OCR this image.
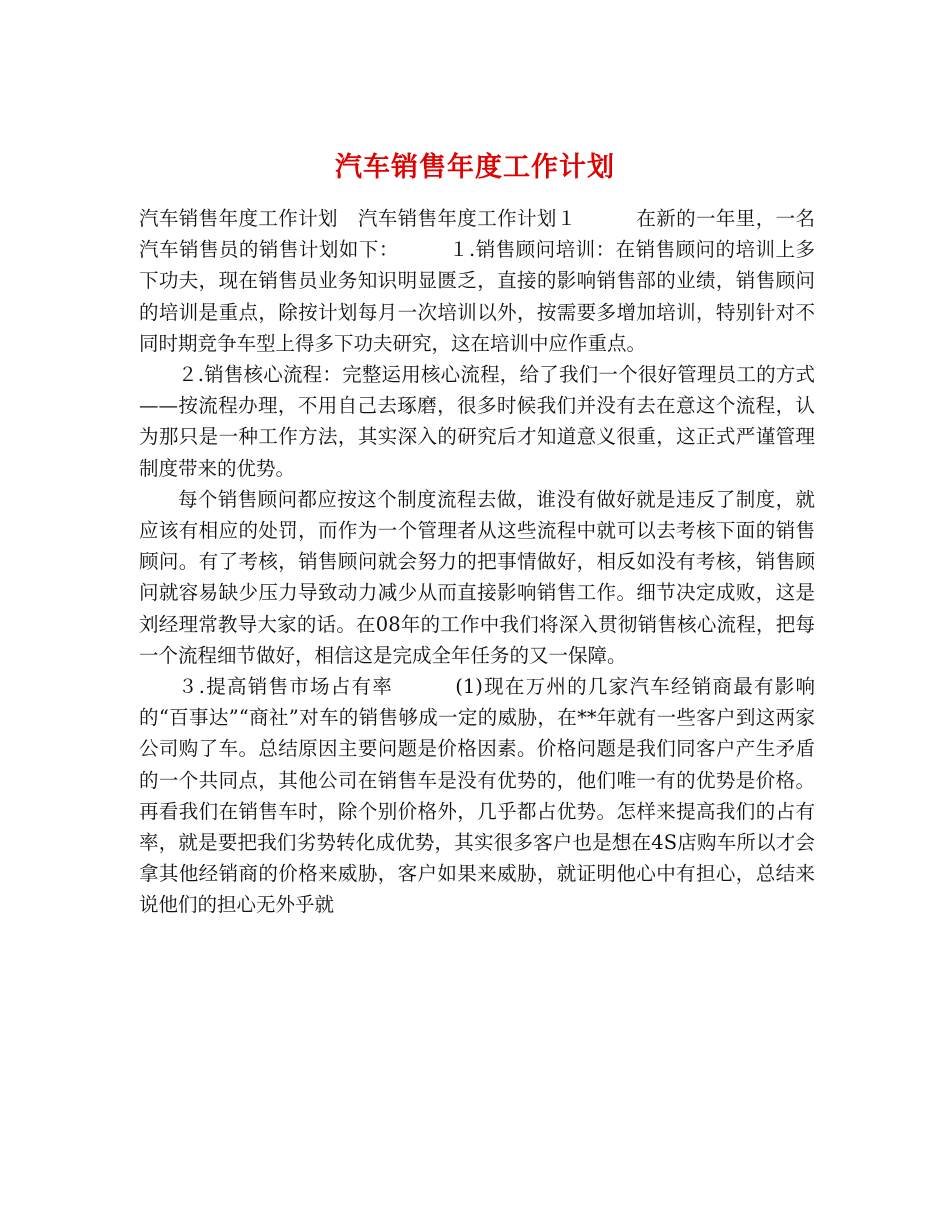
汽车销售年度工作计划

汽车销售年度工作计划　汽车销售年度工作计划１　　　在新的一年里，一名汽车销售员的销售计划如下：　　　１.销售顾问培训：在销售顾问的培训上多下功夫，现在销售员业务知识明显匮乏，直接的影响销售部的业绩，销售顾问的培训是重点，除按计划每月一次培训以外，按需要多增加培训，特别针对不同时期竞争车型上得多下功夫研究，这在培训中应作重点。

２.销售核心流程：完整运用核心流程，给了我们一个很好管理员工的方式——按流程办理，不用自己去琢磨，很多时候我们并没有去在意这个流程，认为那只是一种工作方法，其实深入的研究后才知道意义很重，这正式严谨管理制度带来的优势。

每个销售顾问都应按这个制度流程去做，谁没有做好就是违反了制度，就应该有相应的处罚，而作为一个管理者从这些流程中就可以去考核下面的销售顾问。有了考核，销售顾问就会努力的把事情做好，相反如没有考核，销售顾问就容易缺少压力导致动力减少从而直接影响销售工作。细节决定成败，这是刘经理常教导大家的话。在08年的工作中我们将深入贯彻销售核心流程，把每一个流程细节做好，相信这是完成全年任务的又一保障。

３.提高销售市场占有率　　　(1)现在万州的几家汽车经销商最有影响的“百事达”“商社”对车的销售够成一定的威胁，在**年就有一些客户到这两家公司购了车。总结原因主要问题是价格因素。价格问题是我们同客户产生矛盾的一个共同点，其他公司在销售车是没有优势的，他们唯一有的优势是价格。再看我们在销售车时，除个别价格外，几乎都占优势。怎样来提高我们的占有率，就是要把我们劣势转化成优势，其实很多客户也是想在4S店购车所以才会拿其他经销商的价格来威胁，客户如果来威胁，就证明他心中有担心，总结来说他们的担心无外乎就
